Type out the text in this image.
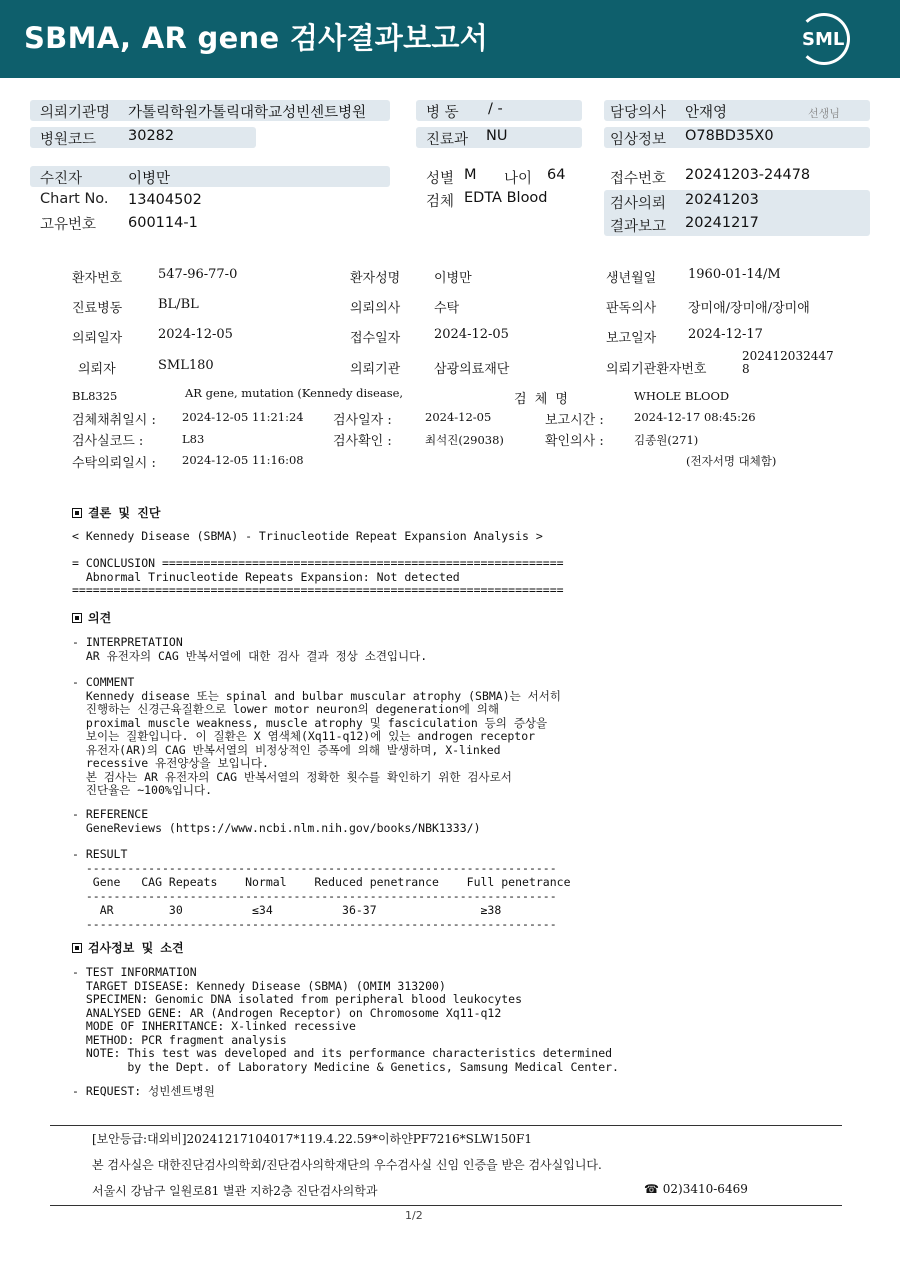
SBMA, AR gene 검사결과보고서	SML
의뢰기관명 가톨릭학원가톨릭대학교성빈센트병원
병원코드 30282
병 동 / -
진료과 NU
담당의사 안재영	선생님
임상정보 O78BD35X0
수진자	이병만
Chart No. 13404502
고유번호 600114-1
성별 M 나이 64
검체 EDTA Blood
접수번호 20241203-24478
검사의뢰 20241203
결과보고 20241217
환자번호	547-96-77-0	환자성명	이병만	생년월일 1960-01-14/M
진료병동	BL/BL	의뢰의사	수탁	판독의사 장미애/장미애/장미애
의뢰일자	2024-12-05	접수일자	2024-12-05	보고일자 2024-12-17
의뢰자	SML180	의뢰기관	삼광의료재단	의뢰기관환자번호
202412032447
8
BL8325	AR gene, mutation (Kennedy disease,	검 체 명	WHOLE BLOOD
검체채취일시 : 2024-12-05 11:21:24 검사일자 :	2024-12-05	보고시간 :	2024-12-17 08:45:26
검사실코드 :	L83	검사확인 :	최석진(29038)	확인의사 :	김종원(271)
수탁의뢰일시 : 2024-12-05 11:16:08	(전자서명 대체함)
결론 및 진단
< Kennedy Disease (SBMA) - Trinucleotide Repeat Expansion Analysis >
= CONCLUSION ==========================================================
Abnormal Trinucleotide Repeats Expansion: Not detected
=======================================================================
의견
- INTERPRETATION
AR 유전자의 CAG 반복서열에 대한 검사 결과 정상 소견입니다.
- COMMENT
Kennedy disease 또는 spinal and bulbar muscular atrophy (SBMA)는 서서히
진행하는 신경근육질환으로 lower motor neuron의 degeneration에 의해
proximal muscle weakness, muscle atrophy 및 fasciculation 등의 증상을
보이는 질환입니다. 이 질환은 X 염색체(Xq11-q12)에 있는 androgen receptor
유전자(AR)의 CAG 반복서열의 비정상적인 증폭에 의해 발생하며, X-linked
recessive 유전양상을 보입니다.
본 검사는 AR 유전자의 CAG 반복서열의 정확한 횟수를 확인하기 위한 검사로서
진단율은 ~100%입니다.
- REFERENCE
GeneReviews (https://www.ncbi.nlm.nih.gov/books/NBK1333/)
- RESULT
--------------------------------------------------------------------
Gene   CAG Repeats    Normal    Reduced penetrance    Full penetrance
--------------------------------------------------------------------
AR        30          ≤34          36-37               ≥38
--------------------------------------------------------------------
검사정보 및 소견
- TEST INFORMATION
TARGET DISEASE: Kennedy Disease (SBMA) (OMIM 313200)
SPECIMEN: Genomic DNA isolated from peripheral blood leukocytes
ANALYSED GENE: AR (Androgen Receptor) on Chromosome Xq11-q12
MODE OF INHERITANCE: X-linked recessive
METHOD: PCR fragment analysis
NOTE: This test was developed and its performance characteristics determined
by the Dept. of Laboratory Medicine & Genetics, Samsung Medical Center.
- REQUEST: 성빈센트병원
[보안등급:대외비]20241217104017*119.4.22.59*이하얀PF7216*SLW150F1
본 검사실은 대한진단검사의학회/진단검사의학재단의 우수검사실 신임 인증을 받은 검사실입니다.
서울시 강남구 일원로81 별관 지하2층 진단검사의학과	☎ 02)3410-6469
1/2
